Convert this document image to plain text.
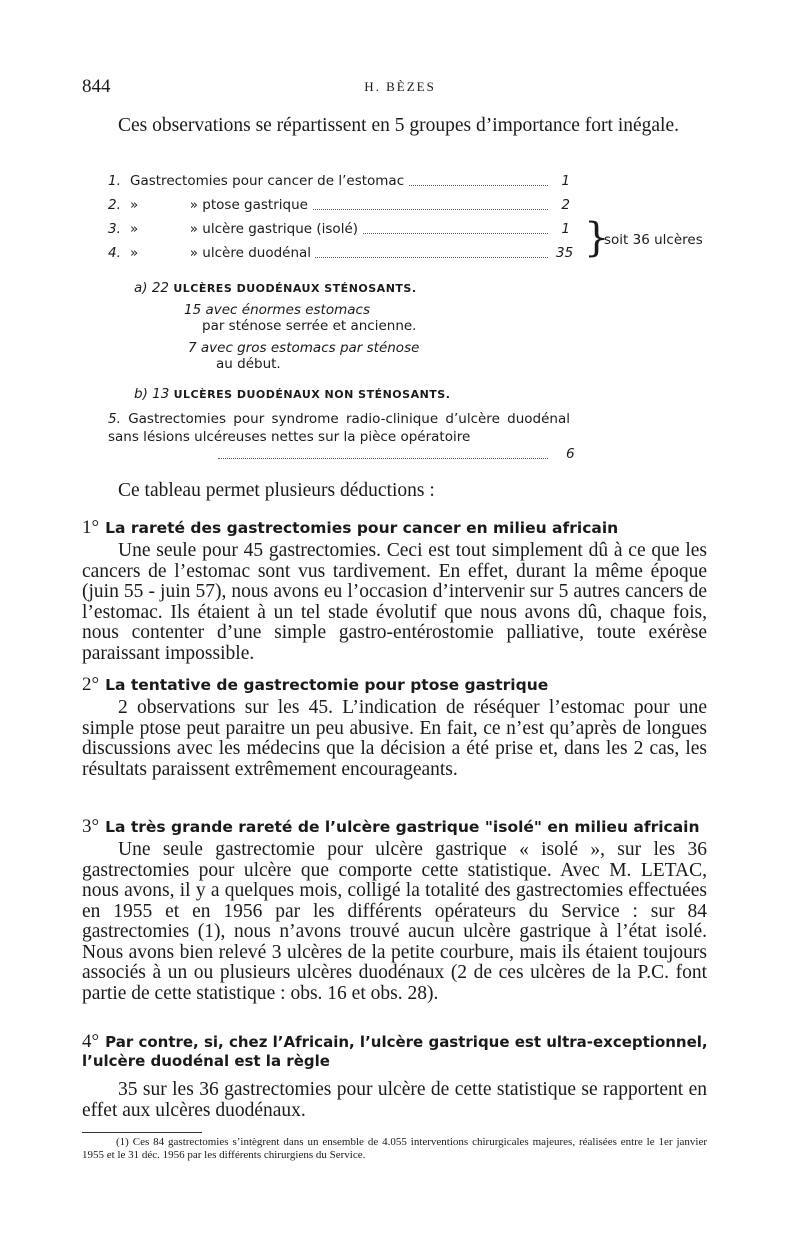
844	H. BÈZES
Ces observations se répartissent en 5 groupes d’importance fort inégale.
1. Gastrectomies pour cancer de l’estomac	1
2. »            » ptose gastrique	2
3. »            » ulcère gastrique (isolé)	1
4. »            » ulcère duodénal	35 }
soit 36 ulcères
a) 22 ULCÈRES DUODÉNAUX STÉNOSANTS.
15 avec énormes estomacs
par sténose serrée et ancienne.
7 avec gros estomacs par sténose
au début.
b) 13 ULCÈRES DUODÉNAUX NON STÉNOSANTS.
5. Gastrectomies pour syndrome radio-clinique d’ulcère duodénal sans lésions ulcéreuses nettes sur la pièce opératoire
6
Ce tableau permet plusieurs déductions :
1° La rareté des gastrectomies pour cancer en milieu africain
Une seule pour 45 gastrectomies. Ceci est tout simplement dû à ce que les cancers de l’estomac sont vus tardivement. En effet, durant la même époque (juin 55 - juin 57), nous avons eu l’occasion d’intervenir sur 5 autres cancers de l’estomac. Ils étaient à un tel stade évolutif que nous avons dû, chaque fois, nous contenter d’une simple gastro-entérostomie palliative, toute exérèse paraissant impossible.
2° La tentative de gastrectomie pour ptose gastrique
2 observations sur les 45. L’indication de réséquer l’estomac pour une simple ptose peut paraitre un peu abusive. En fait, ce n’est qu’après de longues discussions avec les médecins que la décision a été prise et, dans les 2 cas, les résultats paraissent extrêmement encourageants.
3° La très grande rareté de l’ulcère gastrique "isolé" en milieu africain
Une seule gastrectomie pour ulcère gastrique « isolé », sur les 36 gastrectomies pour ulcère que comporte cette statistique. Avec M. LETAC, nous avons, il y a quelques mois, colligé la totalité des gastrectomies effectuées en 1955 et en 1956 par les différents opérateurs du Service : sur 84 gastrectomies (1), nous n’avons trouvé aucun ulcère gastrique à l’état isolé. Nous avons bien relevé 3 ulcères de la petite courbure, mais ils étaient toujours associés à un ou plusieurs ulcères duodénaux (2 de ces ulcères de la P.C. font partie de cette statistique : obs. 16 et obs. 28).
4° Par contre, si, chez l’Africain, l’ulcère gastrique est ultra-exceptionnel, l’ulcère duodénal est la règle
35 sur les 36 gastrectomies pour ulcère de cette statistique se rapportent en effet aux ulcères duodénaux.
(1) Ces 84 gastrectomies s’intègrent dans un ensemble de 4.055 interventions chirurgicales majeures, réalisées entre le 1er janvier 1955 et le 31 déc. 1956 par les différents chirurgiens du Service.
